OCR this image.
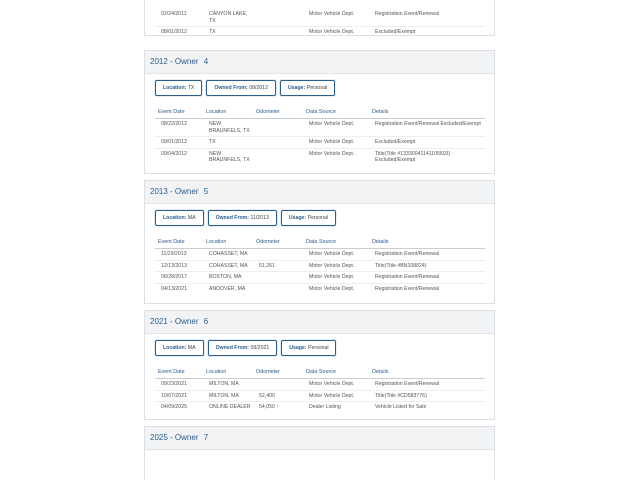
02/24/2011	CANYON LAKE, TX		Motor Vehicle Dept.	Registration Event/Renewal
08/01/2012	TX		Motor Vehicle Dept.	Excluded/Exempt
2012 - Owner 4
Location: TX	Owned From: 08/2012	Usage: Personal
Event Date	Location	Odometer	Data Source	Details
08/22/2012	NEW BRAUNFELS, TX		Motor Vehicle Dept.	Registration Event/Renewal Excluded/Exempt
09/01/2012	TX		Motor Vehicle Dept.	Excluded/Exempt
09/04/2012	NEW BRAUNFELS, TX		Motor Vehicle Dept.	Title(Title #13330041141105603) Excluded/Exempt
2013 - Owner 5
Location: MA	Owned From: 11/2013	Usage: Personal
Event Date	Location	Odometer	Data Source	Details
11/29/2013	COHASSET, MA		Motor Vehicle Dept.	Registration Event/Renewal
12/13/2013	COHASSET, MA	51,261	Motor Vehicle Dept.	Title(Title #BN108824)
06/28/2017	BOSTON, MA		Motor Vehicle Dept.	Registration Event/Renewal
04/13/2021	ANDOVER, MA		Motor Vehicle Dept.	Registration Event/Renewal
2021 - Owner 6
Location: MA	Owned From: 09/2021	Usage: Personal
Event Date	Location	Odometer	Data Source	Details
09/23/2021	MILTON, MA		Motor Vehicle Dept.	Registration Event/Renewal
10/07/2021	MILTON, MA	52,400	Motor Vehicle Dept.	Title(Title #CD583776)
04/09/2025	ONLINE DEALER	54,050 ↑	Dealer Listing	Vehicle Listed for Sale
2025 - Owner 7
